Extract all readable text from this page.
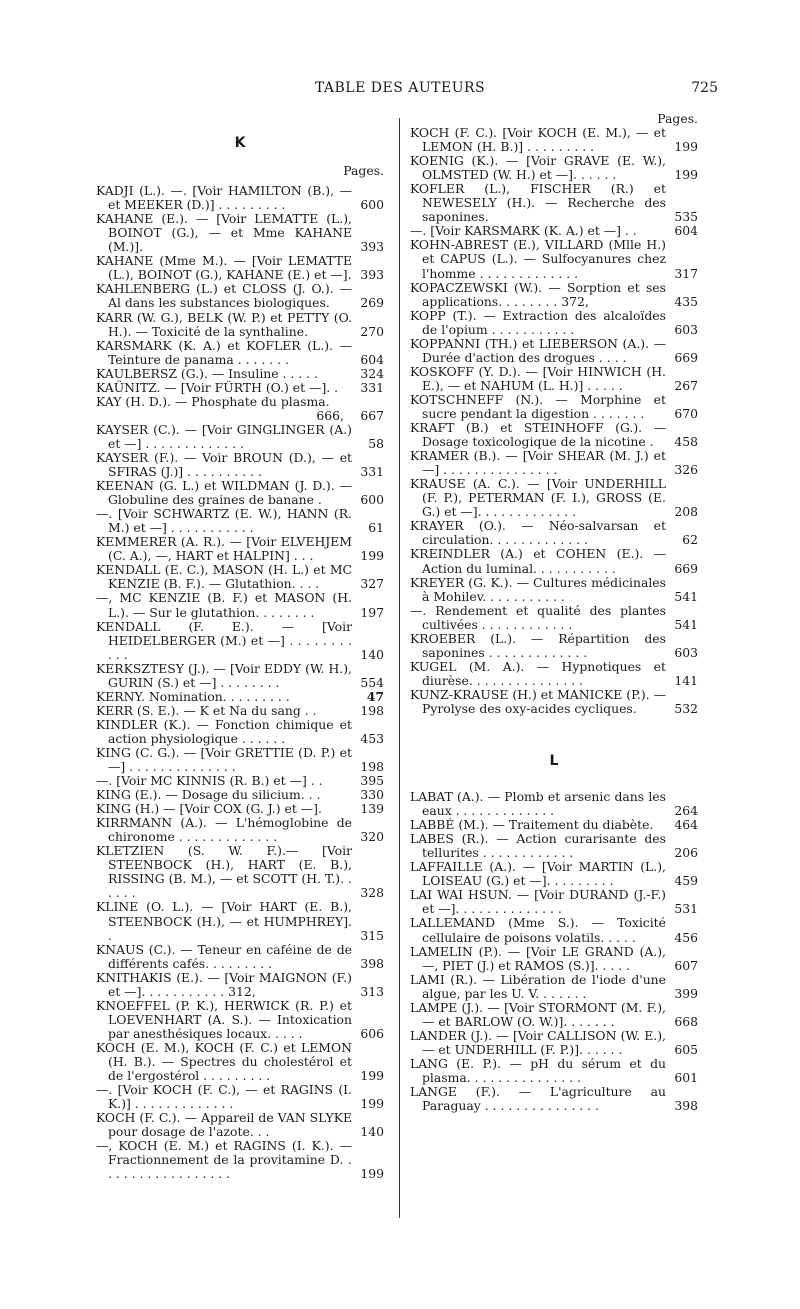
TABLE DES AUTEURS	725
K
Pages.
KADJI (L.). —. [Voir HAMILTON (B.), — et MEEKER (D.)] . . . . . . . . .	600
KAHANE (E.). — [Voir LEMATTE (L.), BOINOT (G.), — et Mme KAHANE (M.)].	393
KAHANE (Mme M.). — [Voir LEMATTE (L.), BOINOT (G.), KAHANE (E.) et —]. 393
KAHLENBERG (L.) et CLOSS (J. O.). — Al dans les substances biologiques.	269
KARR (W. G.), BELK (W. P.) et PETTY (O. H.). — Toxicité de la synthaline.	270
KARSMARK (K. A.) et KOFLER (L.). — Teinture de panama . . . . . . .	604
KAULBERSZ (G.). — Insuline . . . . .	324
KAÜNITZ. — [Voir FÜRTH (O.) et —]. .	331
KAY (H. D.). — Phosphate du plasma.
666,	667
KAYSER (C.). — [Voir GINGLINGER (A.) et —] . . . . . . . . . . . . .	58
KAYSER (F.). — Voir BROUN (D.), — et SFIRAS (J.)] . . . . . . . . . .	331
KEENAN (G. L.) et WILDMAN (J. D.). — Globuline des graines de banane .	600
—. [Voir SCHWARTZ (E. W.), HANN (R. M.) et —] . . . . . . . . . . .	61
KEMMERER (A. R.). — [Voir ELVEHJEM (C. A.), —, HART et HALPIN] . . .	199
KENDALL (E. C.), MASON (H. L.) et MC KENZIE (B. F.). — Glutathion. . . .	327
—, MC KENZIE (B. F.) et MASON (H. L.). — Sur le glutathion. . . . . . . .	197
KENDALL (F. E.). — [Voir HEIDELBERGER (M.) et —] . . . . . . . . . . .	140
KERKSZTESY (J.). — [Voir EDDY (W. H.), GURIN (S.) et —] . . . . . . . .	554
KERNY. Nomination. . . . . . . . .	47
KERR (S. E.). — K et Na du sang . .	198
KINDLER (K.). — Fonction chimique et action physiologique . . . . . .	453
KING (C. G.). — [Voir GRETTIE (D. P.) et —] . . . . . . . . . . . . . .	198
—. [Voir MC KINNIS (R. B.) et —] . .	395
KING (E.). — Dosage du silicium. . .	330
KING (H.) — [Voir COX (G. J.) et —].	139
KIRRMANN (A.). — L'hémoglobine de chironome . . . . . . . . . . . . .	320
KLETZIEN (S. W. F.).— [Voir STEENBOCK (H.), HART (E. B.), RISSING (B. M.), — et SCOTT (H. T.). . . . . .	328
KLINE (O. L.). — [Voir HART (E. B.), STEENBOCK (H.), — et HUMPHREY]. .	315
KNAUS (C.). — Teneur en caféine de de différents cafés. . . . . . . . .	398
KNITHAKIS (E.). — [Voir MAIGNON (F.) et —]. . . . . . . . . . . 312,	313
KNOEFFEL (P. K.), HERWICK (R. P.) et LOEVENHART (A. S.). — Intoxication par anesthésiques locaux. . . . .	606
KOCH (E. M.), KOCH (F. C.) et LEMON (H. B.). — Spectres du cholestérol et de l'ergostérol . . . . . . . . .	199
—. [Voir KOCH (F. C.), — et RAGINS (I. K.)] . . . . . . . . . . . . .	199
KOCH (F. C.). — Appareil de VAN SLYKE pour dosage de l'azote. . .	140
—, KOCH (E. M.) et RAGINS (I. K.). — Fractionnement de la provitamine D. . . . . . . . . . . . . . . . . .	199
Pages.
KOCH (F. C.). [Voir KOCH (E. M.), — et LEMON (H. B.)] . . . . . . . . .	199
KOENIG (K.). — [Voir GRAVE (E. W.), OLMSTED (W. H.) et —]. . . . . .	199
KOFLER (L.), FISCHER (R.) et NEWESELY (H.). — Recherche des saponines.	535
—. [Voir KARSMARK (K. A.) et —] . .	604
KOHN-ABREST (E.), VILLARD (Mlle H.) et CAPUS (L.). — Sulfocyanures chez l'homme . . . . . . . . . . . . .	317
KOPACZEWSKI (W.). — Sorption et ses applications. . . . . . . . 372,	435
KOPP (T.). — Extraction des alcaloïdes de l'opium . . . . . . . . . . .	603
KOPPANNI (TH.) et LIEBERSON (A.). — Durée d'action des drogues . . . .	669
KOSKOFF (Y. D.). — [Voir HINWICH (H. E.), — et NAHUM (L. H.)] . . . . .	267
KOTSCHNEFF (N.). — Morphine et sucre pendant la digestion . . . . . . .	670
KRAFT (B.) et STEINHOFF (G.). — Dosage toxicologique de la nicotine .	458
KRAMER (B.). — [Voir SHEAR (M. J.) et —] . . . . . . . . . . . . . . .	326
KRAUSE (A. C.). — [Voir UNDERHILL (F. P.), PETERMAN (F. I.), GROSS (E. G.) et —]. . . . . . . . . . . . .	208
KRAYER (O.). — Néo-salvarsan et circulation. . . . . . . . . . . . .	62
KREINDLER (A.) et COHEN (E.). — Action du luminal. . . . . . . . . . .	669
KREYER (G. K.). — Cultures médicinales à Mohilev. . . . . . . . . . .	541
—. Rendement et qualité des plantes cultivées . . . . . . . . . . . .	541
KROEBER (L.). — Répartition des saponines . . . . . . . . . . . . .	603
KUGEL (M. A.). — Hypnotiques et diurèse. . . . . . . . . . . . . . .	141
KUNZ-KRAUSE (H.) et MANICKE (P.). — Pyrolyse des oxy-acides cycliques.	532
L
LABAT (A.). — Plomb et arsenic dans les eaux . . . . . . . . . . . . .	264
LABBÉ (M.). — Traitement du diabète.	464
LABES (R.). — Action curarisante des tellurites . . . . . . . . . . . .	206
LAFFAILLE (A.). — [Voir MARTIN (L.), LOISEAU (G.) et —]. . . . . . . . .	459
LAI WAI HSUN. — [Voir DURAND (J.-F.) et —]. . . . . . . . . . . . . .	531
LALLEMAND (Mme S.). — Toxicité cellulaire de poisons volatils. . . . .	456
LAMELIN (P.). — [Voir LE GRAND (A.), —, PIET (J.) et RAMOS (S.)]. . . . .	607
LAMI (R.). — Libération de l'iode d'une algue, par les U. V. . . . . . .	399
LAMPE (J.). — [Voir STORMONT (M. F.), — et BARLOW (O. W.)]. . . . . . .	668
LANDER (J.). — [Voir CALLISON (W. E.), — et UNDERHILL (F. P.)]. . . . . .	605
LANG (E. P.). — pH du sérum et du plasma. . . . . . . . . . . . . . .	601
LANGE (F.). — L'agriculture au Paraguay . . . . . . . . . . . . . . .	398
